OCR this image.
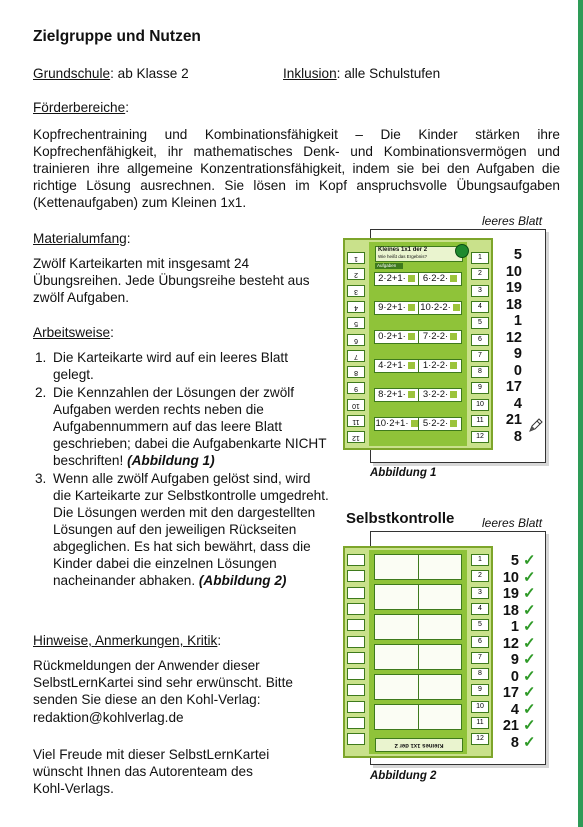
Zielgruppe und Nutzen
Grundschule: ab Klasse 2	Inklusion: alle Schulstufen
Förderbereiche:
Kopfrechentraining und Kombinationsfähigkeit – Die Kinder stärken ihre Kopfrechenfähigkeit, ihr mathematisches Denk- und Kombinationsvermögen und trainieren ihre allgemeine Konzentrationsfähigkeit, indem sie bei den Aufgaben die richtige Lösung ausrechnen. Sie lösen im Kopf anspruchsvolle Übungsaufgaben (Kettenaufgaben) zum Kleinen 1x1.
Materialumfang:
Zwölf Karteikarten mit insgesamt 24 Übungsreihen. Jede Übungsreihe besteht aus zwölf Aufgaben.
Arbeitsweise:
1. Die Karteikarte wird auf ein leeres Blatt gelegt.
2. Die Kennzahlen der Lösungen der zwölf Aufgaben werden rechts neben die Aufgabennummern auf das leere Blatt geschrieben; dabei die Aufgabenkarte NICHT beschriften! (Abbildung 1)
3. Wenn alle zwölf Aufgaben gelöst sind, wird die Karteikarte zur Selbstkontrolle umgedreht. Die Lösungen werden mit den dargestellten Lösungen auf den jeweiligen Rückseiten abgeglichen. Es hat sich bewährt, dass die Kinder dabei die einzelnen Lösungen nacheinander abhaken. (Abbildung 2)
Hinweise, Anmerkungen, Kritik:
Rückmeldungen der Anwender dieser SelbstLernKartei sind sehr erwünscht. Bitte senden Sie diese an den Kohl-Verlag:
redaktion@kohlverlag.de
Viel Freude mit dieser SelbstLernKartei wünscht Ihnen das Autorenteam des Kohl-Verlags.
leeres Blatt
Kleines 1x1 der 2
Wie heißt das Ergebnis?
Aufgaben
2·2+1·	6·2-2·
9·2+1·	10·2-2·
0·2+1·	7·2-2·
4·2+1·	1·2-2·
8·2+1·	3·2-2·
10·2+1·	5·2-2·
1	1
2	2
3	3
4	4
5	5
6	6
7	7
8	8
9	9
10	10
11	11
12	12
5
10
19
18
1
12
9
0
17
4
21
8
Abbildung 1
Selbstkontrolle leeres Blatt
1
2
3
4
5
6
7
8
9
10
11
12
Kleines 1x1 der 2
5 ✓
10 ✓
19 ✓
18 ✓
1 ✓
12 ✓
9 ✓
0 ✓
17 ✓
4 ✓
21 ✓
8 ✓
Abbildung 2
